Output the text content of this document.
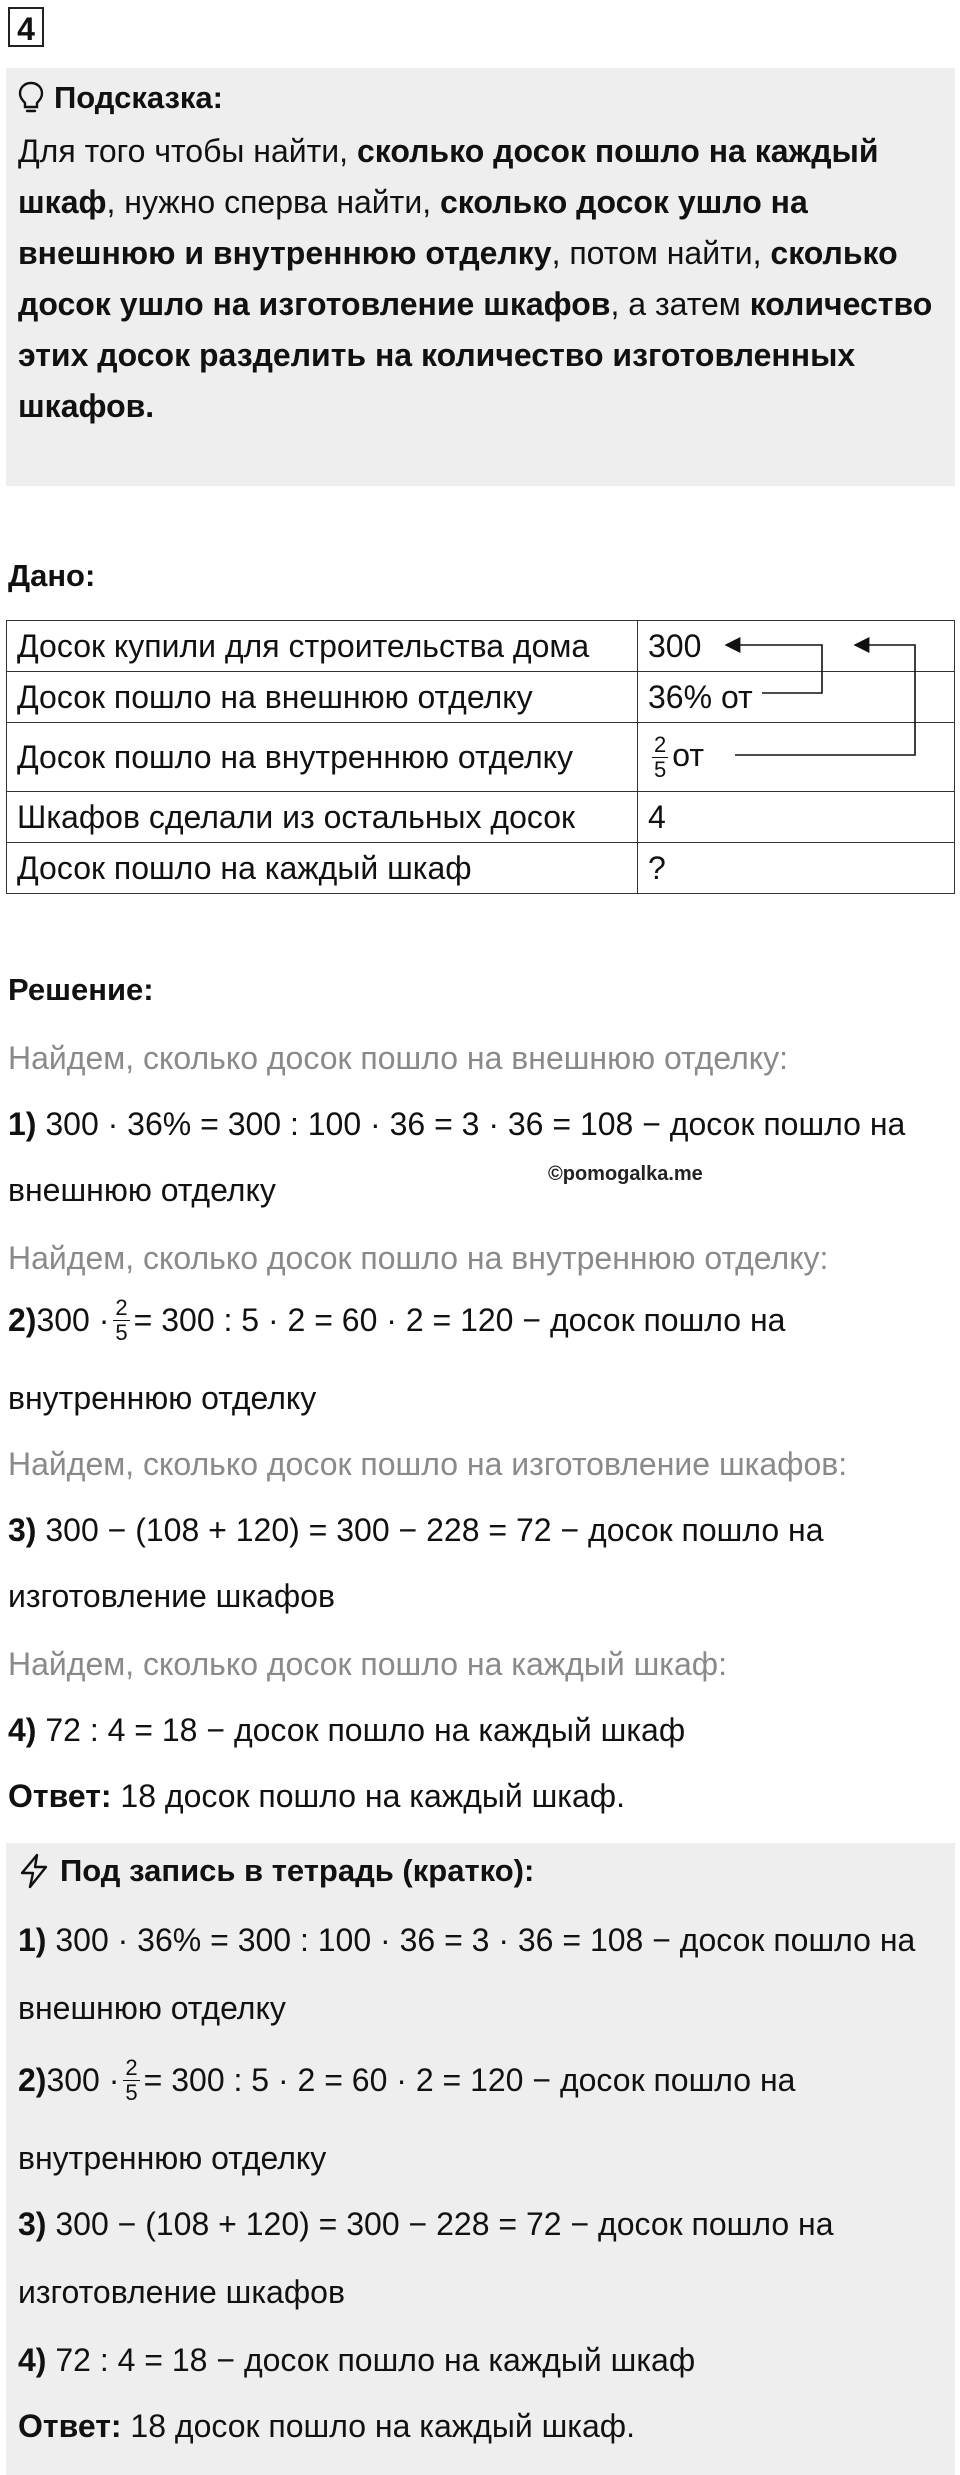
4
Подсказка:
Для того чтобы найти, сколько досок пошло на каждый шкаф, нужно сперва найти, сколько досок ушло на внешнюю и внутреннюю отделку, потом найти, сколько досок ушло на изготовление шкафов, а затем количество этих досок разделить на количество изготовленных шкафов.
Дано:
Досок купили для строительства дома	300
Досок пошло на внешнюю отделку	36% от
Досок пошло на внутреннюю отделку	$\frac{2}{5}$ от
Шкафов сделали из остальных досок	4
Досок пошло на каждый шкаф	?
Решение:
Найдем, сколько досок пошло на внешнюю отделку:
1) 300 · 36% = 300 : 100 · 36 = 3 · 36 = 108 − досок пошло на
внешнюю отделку	©pomogalka.me
Найдем, сколько досок пошло на внутреннюю отделку:
2) $300 \cdot \frac{2}{5} = 300$ : 5 · 2 = 60 · 2 = 120 − досок пошло на
внутреннюю отделку
Найдем, сколько досок пошло на изготовление шкафов:
3) 300 − (108 + 120) = 300 − 228 = 72 − досок пошло на
изготовление шкафов
Найдем, сколько досок пошло на каждый шкаф:
4) 72 : 4 = 18 − досок пошло на каждый шкаф
Ответ: 18 досок пошло на каждый шкаф.
Под запись в тетрадь (кратко):
1) 300 · 36% = 300 : 100 · 36 = 3 · 36 = 108 − досок пошло на
внешнюю отделку
2) $300 \cdot \frac{2}{5} = 300$ : 5 · 2 = 60 · 2 = 120 − досок пошло на
внутреннюю отделку
3) 300 − (108 + 120) = 300 − 228 = 72 − досок пошло на
изготовление шкафов
4) 72 : 4 = 18 − досок пошло на каждый шкаф
Ответ: 18 досок пошло на каждый шкаф.
